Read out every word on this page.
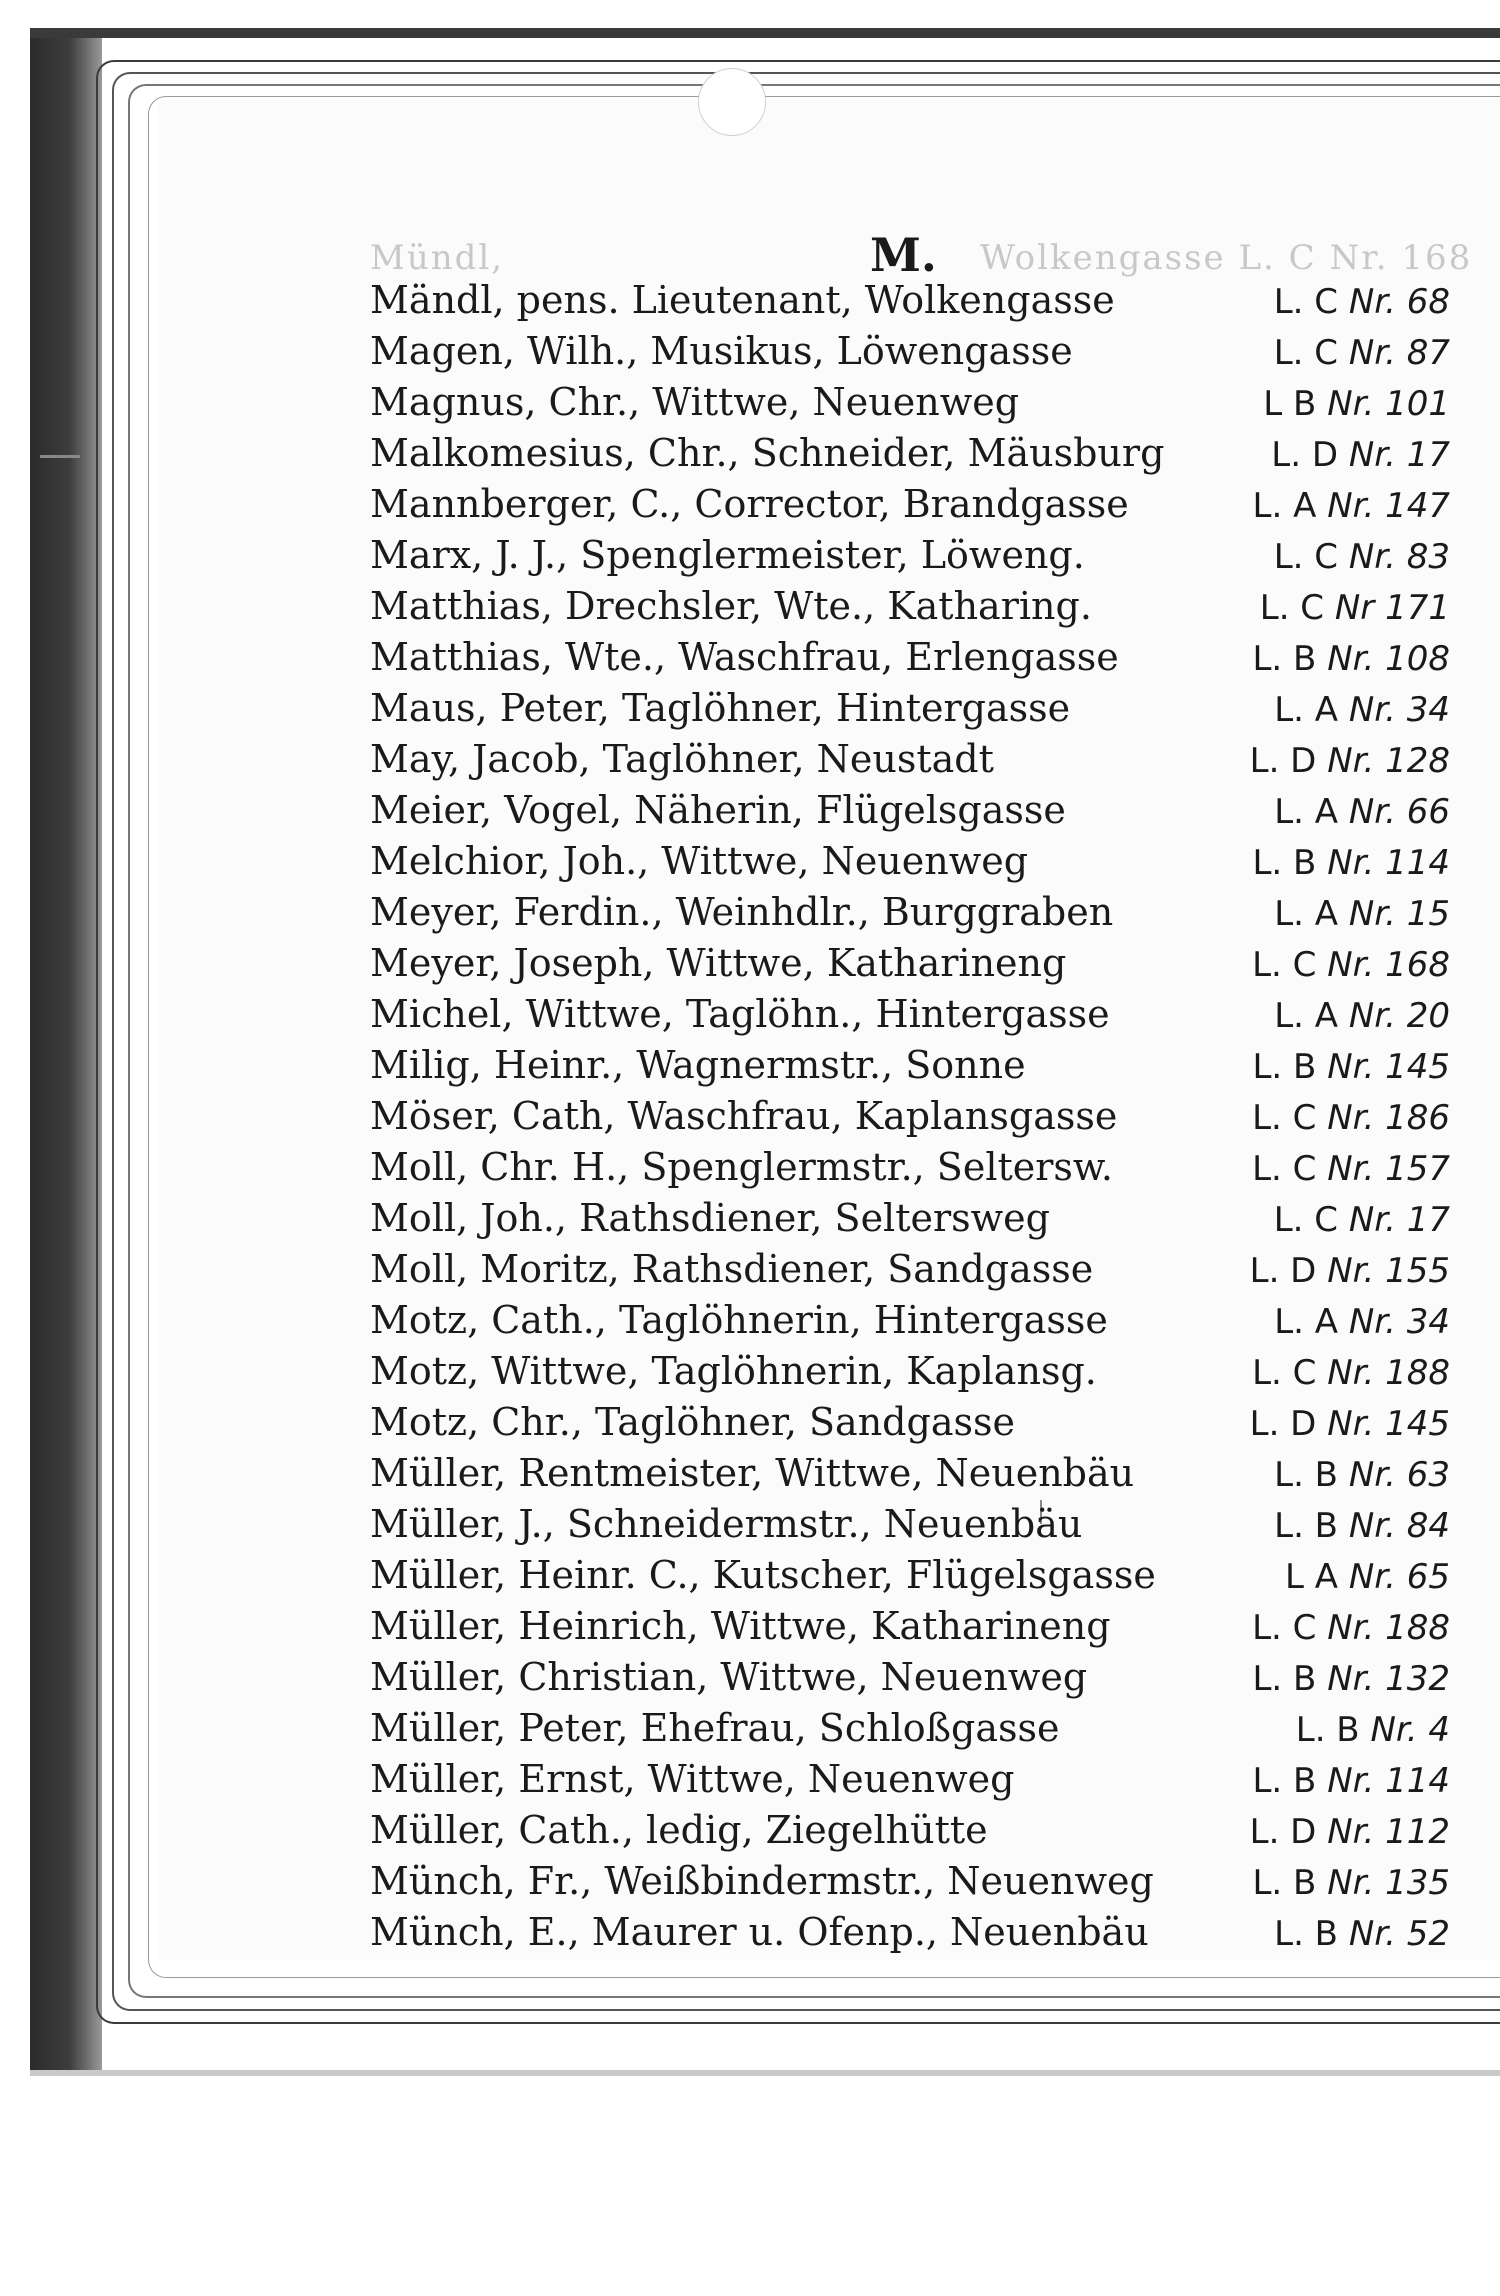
Mündl,	Wolkengasse L. C Nr. 168
M.
Mändl, pens. Lieutenant, Wolkengasse	L. C Nr. 68
Magen, Wilh., Musikus, Löwengasse	L. C Nr. 87
Magnus, Chr., Wittwe, Neuenweg	L B Nr. 101
Malkomesius, Chr., Schneider, Mäusburg	L. D Nr. 17
Mannberger, C., Corrector, Brandgasse	L. A Nr. 147
Marx, J. J., Spenglermeister, Löweng.	L. C Nr. 83
Matthias, Drechsler, Wte., Katharing.	L. C Nr 171
Matthias, Wte., Waschfrau, Erlengasse	L. B Nr. 108
Maus, Peter, Taglöhner, Hintergasse	L. A Nr. 34
May, Jacob, Taglöhner, Neustadt	L. D Nr. 128
Meier, Vogel, Näherin, Flügelsgasse	L. A Nr. 66
Melchior, Joh., Wittwe, Neuenweg	L. B Nr. 114
Meyer, Ferdin., Weinhdlr., Burggraben	L. A Nr. 15
Meyer, Joseph, Wittwe, Katharineng	L. C Nr. 168
Michel, Wittwe, Taglöhn., Hintergasse	L. A Nr. 20
Milig, Heinr., Wagnermstr., Sonne	L. B Nr. 145
Möser, Cath, Waschfrau, Kaplansgasse	L. C Nr. 186
Moll, Chr. H., Spenglermstr., Seltersw.	L. C Nr. 157
Moll, Joh., Rathsdiener, Seltersweg	L. C Nr. 17
Moll, Moritz, Rathsdiener, Sandgasse	L. D Nr. 155
Motz, Cath., Taglöhnerin, Hintergasse	L. A Nr. 34
Motz, Wittwe, Taglöhnerin, Kaplansg.	L. C Nr. 188
Motz, Chr., Taglöhner, Sandgasse	L. D Nr. 145
Müller, Rentmeister, Wittwe, Neuenbäu	L. B Nr. 63
Müller, J., Schneidermstr., Neuenbäu	L. B Nr. 84
Müller, Heinr. C., Kutscher, Flügelsgasse	L A Nr. 65
Müller, Heinrich, Wittwe, Katharineng	L. C Nr. 188
Müller, Christian, Wittwe, Neuenweg	L. B Nr. 132
Müller, Peter, Ehefrau, Schloßgasse	L. B Nr. 4
Müller, Ernst, Wittwe, Neuenweg	L. B Nr. 114
Müller, Cath., ledig, Ziegelhütte	L. D Nr. 112
Münch, Fr., Weißbindermstr., Neuenweg	L. B Nr. 135
Münch, E., Maurer u. Ofenp., Neuenbäu	L. B Nr. 52
